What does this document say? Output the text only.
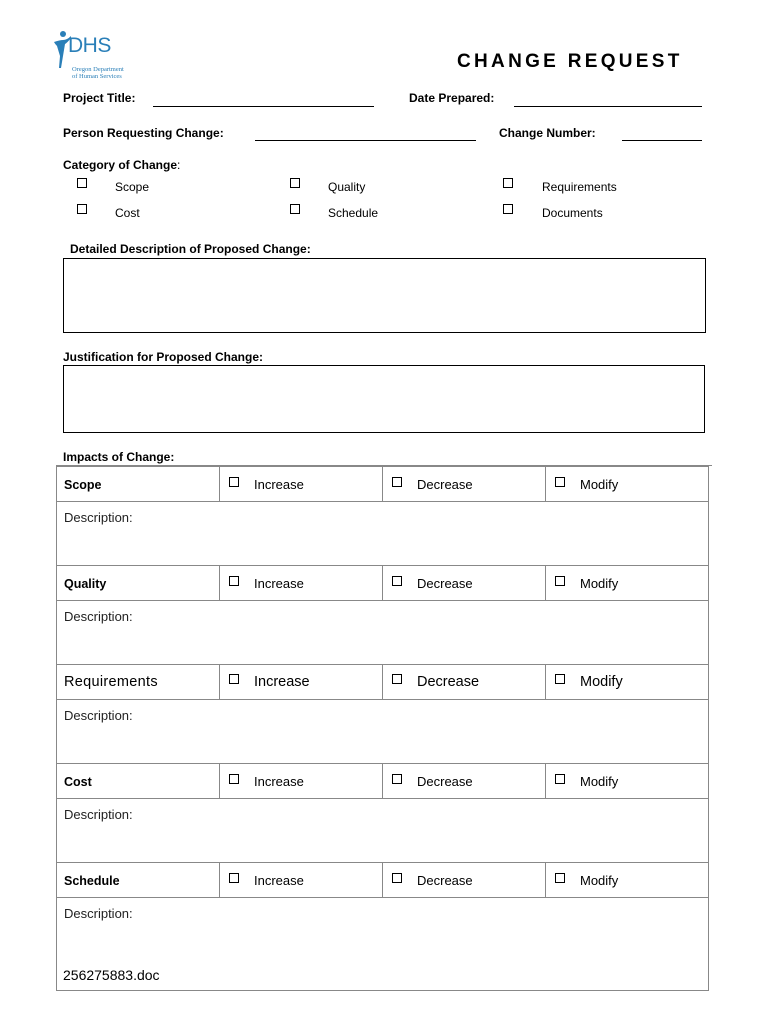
DHS
Oregon Department
of Human Services
CHANGE REQUEST
Project Title:	Date Prepared:
Person Requesting Change:	Change Number:
Category of Change:
Scope	Quality	Requirements
Cost	Schedule	Documents
Detailed Description of Proposed Change:
Justification for Proposed Change:
Impacts of Change:
Scope	Increase	Decrease	Modify
Description:			
Quality	Increase	Decrease	Modify
Description:			
Requirements	Increase	Decrease	Modify
Description:			
Cost	Increase	Decrease	Modify
Description:			
Schedule	Increase	Decrease	Modify
Description:			
256275883.doc
